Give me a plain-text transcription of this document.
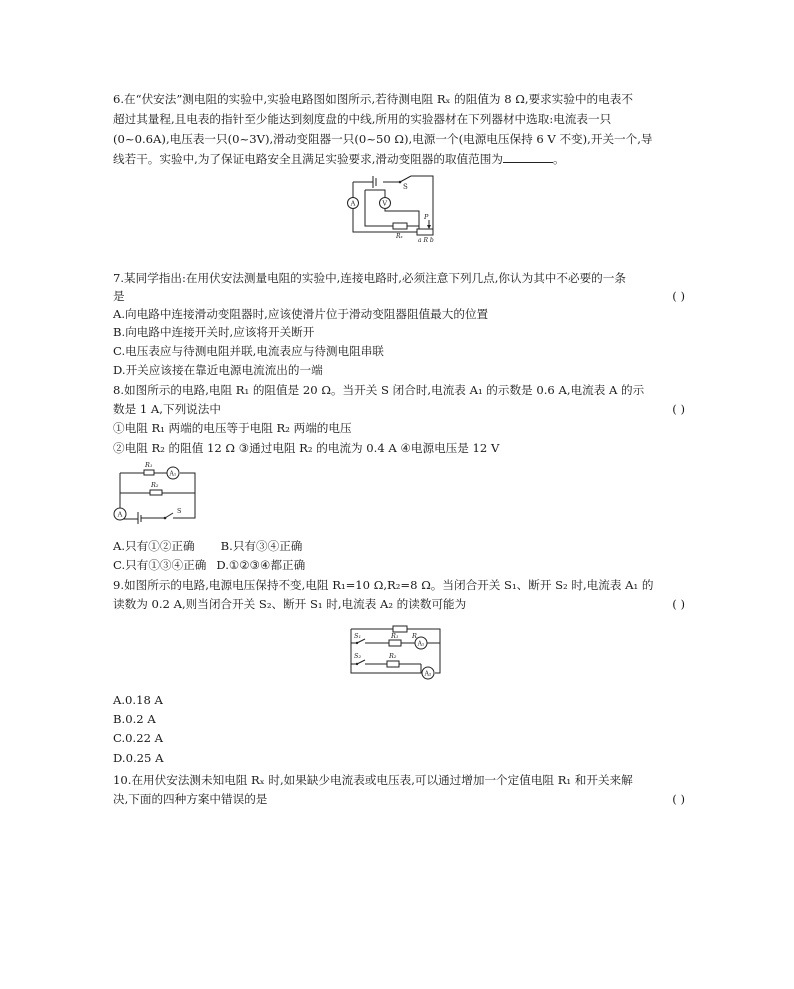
6.在“伏安法”测电阻的实验中,实验电路图如图所示,若待测电阻 Rₓ 的阻值为 8 Ω,要求实验中的电表不
超过其量程,且电表的指针至少能达到刻度盘的中线,所用的实验器材在下列器材中选取:电流表一只
(0~0.6A),电压表一只(0~3V),滑动变阻器一只(0~50 Ω),电源一个(电源电压保持 6 V 不变),开关一个,导
线若干。实验中,为了保证电路安全且满足实验要求,滑动变阻器的取值范围为	。
7.某同学指出:在用伏安法测量电阻的实验中,连接电路时,必须注意下列几点,你认为其中不必要的一条
是	( )
A.向电路中连接滑动变阻器时,应该使滑片位于滑动变阻器阻值最大的位置
B.向电路中连接开关时,应该将开关断开
C.电压表应与待测电阻并联,电流表应与待测电阻串联
D.开关应该接在靠近电源电流流出的一端
8.如图所示的电路,电阻 R₁ 的阻值是 20 Ω。当开关 S 闭合时,电流表 A₁ 的示数是 0.6 A,电流表 A 的示
数是 1 A,下列说法中	( )
①电阻 R₁ 两端的电压等于电阻 R₂ 两端的电压
②电阻 R₂ 的阻值 12 Ω ③通过电阻 R₂ 的电流为 0.4 A ④电源电压是 12 V
A.只有①②正确 B.只有③④正确
C.只有①③④正确 D.①②③④都正确
9.如图所示的电路,电源电压保持不变,电阻 R₁=10 Ω,R₂=8 Ω。当闭合开关 S₁、断开 S₂ 时,电流表 A₁ 的
读数为 0.2 A,则当闭合开关 S₂、断开 S₁ 时,电流表 A₂ 的读数可能为	( )
A.0.18 A
B.0.2 A
C.0.22 A
D.0.25 A
10.在用伏安法测未知电阻 Rₓ 时,如果缺少电流表或电压表,可以通过增加一个定值电阻 R₁ 和开关来解
决,下面的四种方案中错误的是	( )
S
A	V
P
Rₓ
a R b
R₁
A₁
R₂
A	S
R
S₁	R₁
A₁
S₂	R₂
A₂
